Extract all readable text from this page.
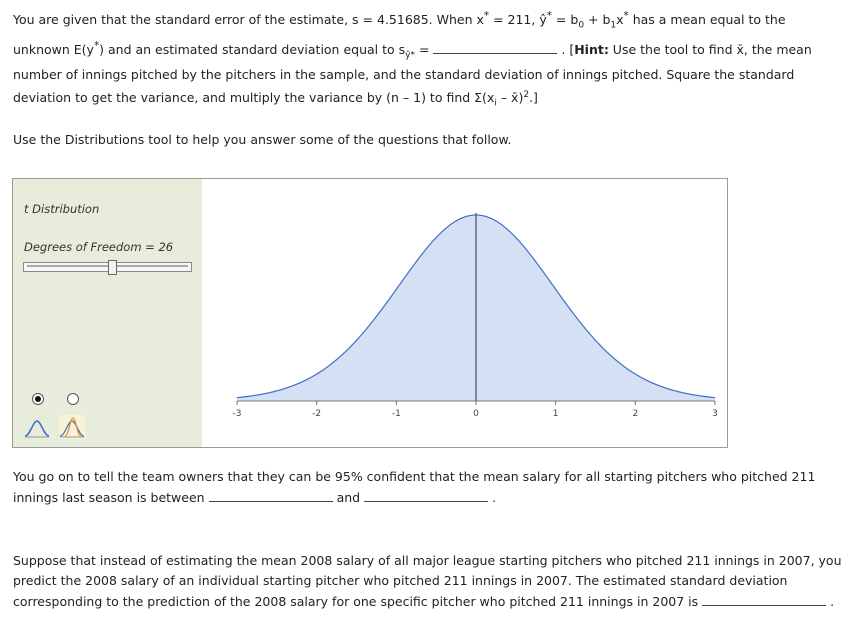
You are given that the standard error of the estimate, s = 4.51685. When x* = 211, ŷ* = $b_0 + b_1x^*$ has a mean equal to the
unknown E(y*) and an estimated standard deviation equal to $s_{ŷ*}$ =	. [Hint: Use the tool to find x̄, the mean
number of innings pitched by the pitchers in the sample, and the standard deviation of innings pitched. Square the standard
deviation to get the variance, and multiply the variance by (n – 1) to find $\Sigma(x_i$ – x̄)$^2$.]
Use the Distributions tool to help you answer some of the questions that follow.
t Distribution
Degrees of Freedom = 26
-3	-2	-1	0	1	2	3
You go on to tell the team owners that they can be 95% confident that the mean salary for all starting pitchers who pitched 211
innings last season is between	and	.
Suppose that instead of estimating the mean 2008 salary of all major league starting pitchers who pitched 211 innings in 2007, you
predict the 2008 salary of an individual starting pitcher who pitched 211 innings in 2007. The estimated standard deviation
corresponding to the prediction of the 2008 salary for one specific pitcher who pitched 211 innings in 2007 is	.
